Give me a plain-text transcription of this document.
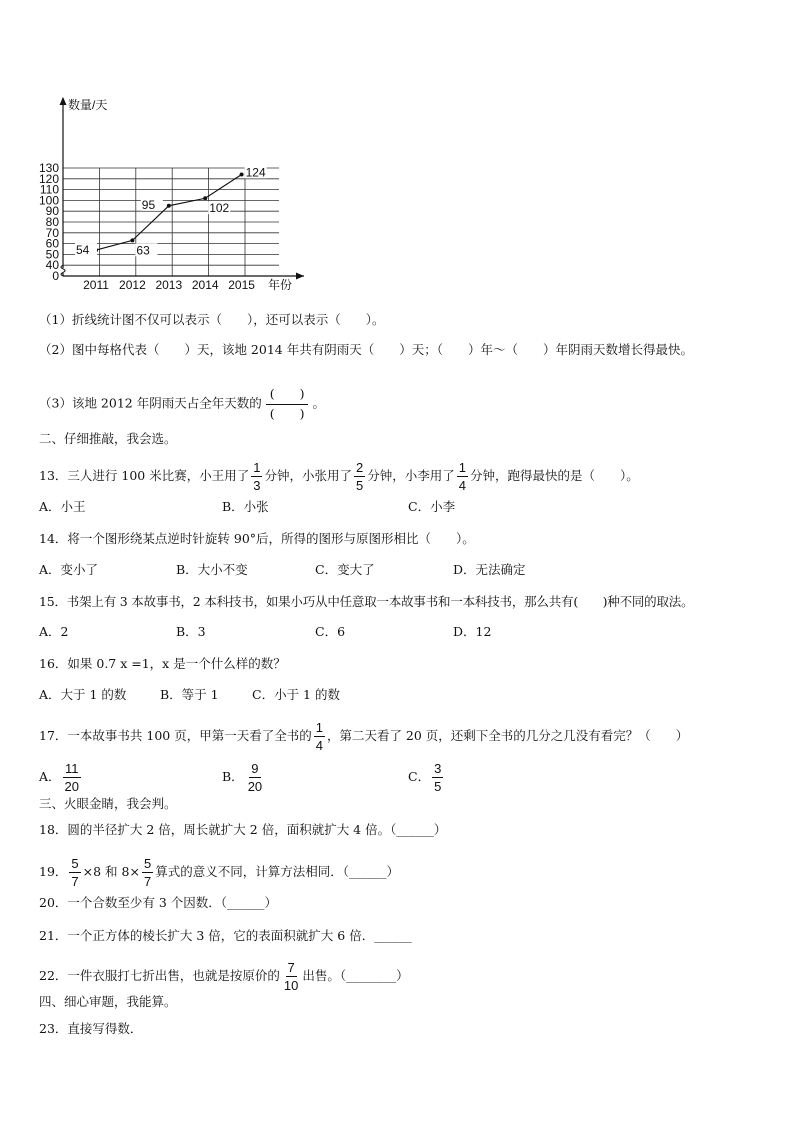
0
40
50
60
70
80
90
100
110
120
130
2011 2012 2013 2014 2015
54	63
95	102
124
数量/天
年份
（1）折线统计图不仅可以表示（　　），还可以表示（　　）。
（2）图中每格代表（　　）天，该地 2014 年共有阴雨天（　　）天；（　　）年～（　　）年阴雨天数增长得最快。
（3）该地 2012 年阴雨天占全年天数的 $\frac{( )}{( )}$ 。
二、仔细推敲，我会选。
13．三人进行 100 米比赛，小王用了 $\frac{1}{3}$ 分钟，小张用了 $\frac{2}{5}$ 分钟，小李用了 $\frac{1}{4}$ 分钟，跑得最快的是（　　）。
A．小王	B．小张	C．小李
14．将一个图形绕某点逆时针旋转 90°后，所得的图形与原图形相比（　　）。
A．变小了	B．大小不变	C．变大了	D．无法确定
15．书架上有 3 本故事书，2 本科技书，如果小巧从中任意取一本故事书和一本科技书，那么共有(　　)种不同的取法。
A．2	B．3	C．6	D．12
16．如果 0.7 x =1，x 是一个什么样的数？
A．大于 1 的数	B．等于 1	C．小于 1 的数
17．一本故事书共 100 页，甲第一天看了全书的 $\frac{1}{4}$ ，第二天看了 20 页，还剩下全书的几分之几没有看完？（　　）
A． $\frac{11}{20}$	B． $\frac{9}{20}$	C． $\frac{3}{5}$
三、火眼金睛，我会判。
18．圆的半径扩大 2 倍，周长就扩大 2 倍，面积就扩大 4 倍。（______）
19． $\frac{5}{7} \times 8$ 和 $8\times \frac{5}{7}$ 算式的意义不同，计算方法相同．（______）
20．一个合数至少有 3 个因数．（______）
21．一个正方体的棱长扩大 3 倍，它的表面积就扩大 6 倍．______
22．一件衣服打七折出售，也就是按原价的 $\frac{7}{10}$ 出售。（________）
四、细心审题，我能算。
23．直接写得数．
